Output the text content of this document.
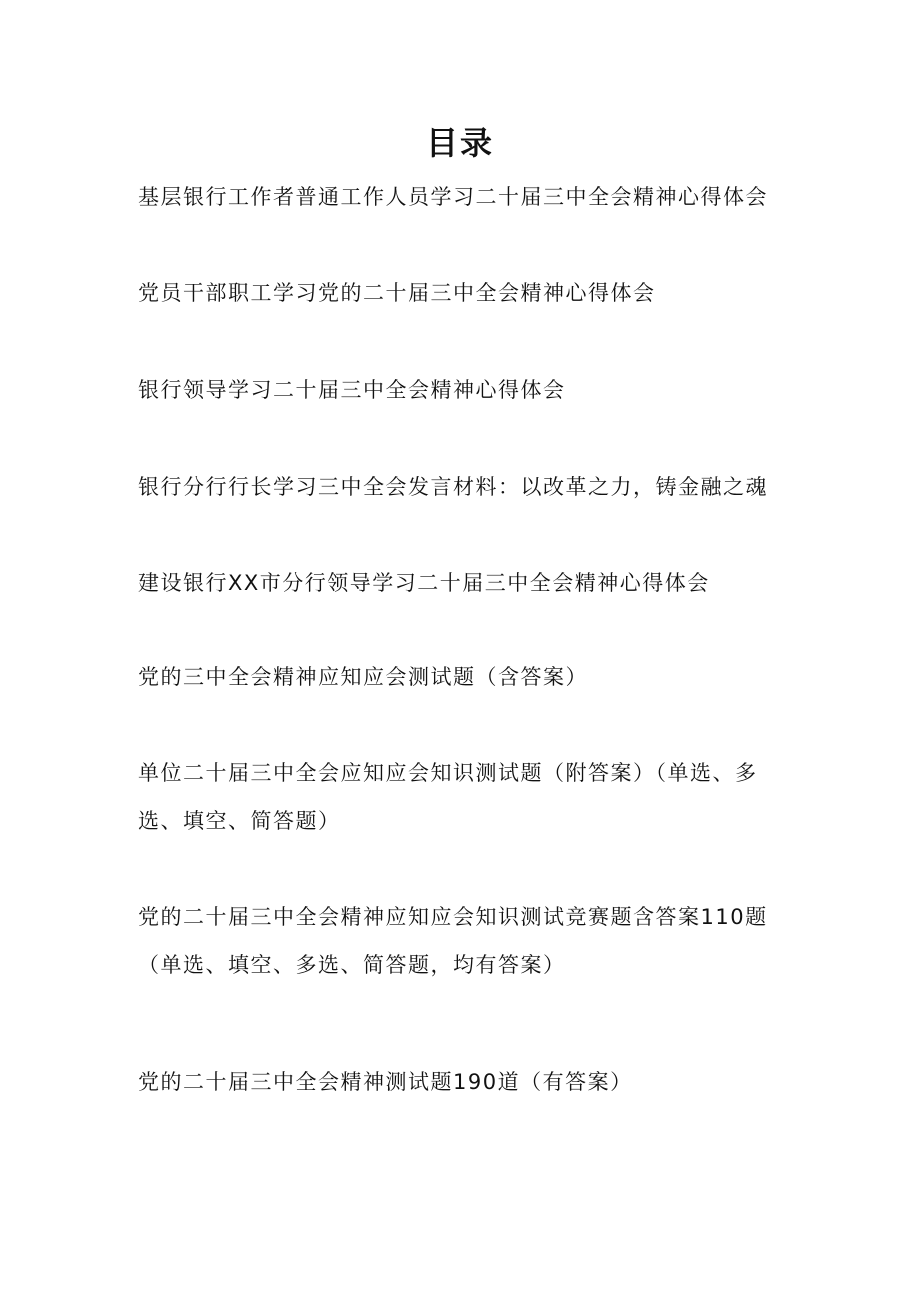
目录
基层银行工作者普通工作人员学习二十届三中全会精神心得体会
党员干部职工学习党的二十届三中全会精神心得体会
银行领导学习二十届三中全会精神心得体会
银行分行行长学习三中全会发言材料：以改革之力，铸金融之魂
建设银行XX市分行领导学习二十届三中全会精神心得体会
党的三中全会精神应知应会测试题（含答案）
单位二十届三中全会应知应会知识测试题（附答案）（单选、多选、填空、简答题）
党的二十届三中全会精神应知应会知识测试竞赛题含答案110题（单选、填空、多选、简答题，均有答案）
党的二十届三中全会精神测试题190道（有答案）
